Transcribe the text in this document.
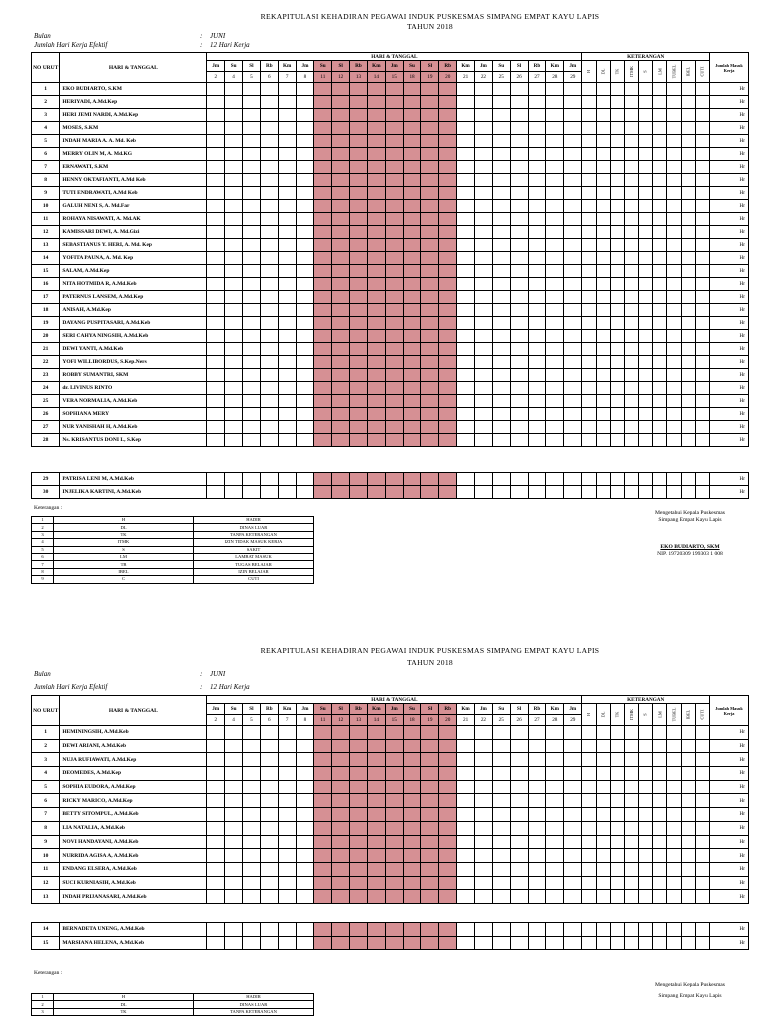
REKAPITULASI KEHADIRAN PEGAWAI INDUK PUSKESMAS SIMPANG EMPAT KAYU LAPIS
TAHUN 2018
Bulan	: JUNI
Jumlah Hari Kerja Efektif	: 12 Hari Kerja
NO URUT	HARI & TANGGAL	HARI & TANGGAL																					KETERANGAN									Jumlah Masuk Kerja
		Jm	Su	Sl	Rb	Km	Jm	Su	Sl	Rb	Km	Jm	Su	Sl	Rb	Km	Jm	Su	Sl	Rb	Km	Jm	H	DL	TK	ITMK	S	LM	TUBEL	IBEL	CUTI	
		2	4	5	6	7	8	11	12	13	14	15	18	19	20	21	22	25	26	27	28	29										
1	EKO BUDIARTO, S.KM																															Hr
2	HERIYADI, A.Md.Kep																															Hr
3	HERI JEMI NARDI, A.Md.Kep																															Hr
4	MOSES, S.KM																															Hr
5	INDAH MARIA A. A. Md. Keb																															Hr
6	MERRY OLIN M, A. Md.KG																															Hr
7	ERNAWATI, S.KM																															Hr
8	HENNY OKTAFIANTI, A.Md Keb																															Hr
9	TUTI ENDRAWATI, A.Md Keb																															Hr
10	GALUH NENI S, A. Md.Far																															Hr
11	ROHAYA NISAWATI, A. Md.AK																															Hr
12	KAMISSARI DEWI, A. Md.Gizi																															Hr
13	SEBASTIANUS Y. HERI, A. Md. Kep																															Hr
14	YOFITA PAUNA, A. Md. Kep																															Hr
15	SALAM, A.Md.Kep																															Hr
16	NITA HOTMIDA R, A.Md.Keb																															Hr
17	PATERNUS LANSEM, A.Md.Kep																															Hr
18	ANISAH, A.Md.Kep																															Hr
19	DAYANG PUSPITASARI, A.Md.Keb																															Hr
20	SERI CAHYA NINGSIH, A.Md.Keb																															Hr
21	DEWI YANTI, A.Md.Keb																															Hr
22	YOFI WILLIBORDUS, S.Kep.Ners																															Hr
23	ROBBY SUMANTRI, SKM																															Hr
24	dr. LIVINUS RINTO																															Hr
25	VERA NORMALIA, A.Md.Keb																															Hr
26	SOPHIANA MERY																															Hr
27	NUR YANISHAH H, A.Md.Keb																															Hr
28	Ns. KRISANTUS DONI L, S.Kep																															Hr

29	PATRISA LENI M, A.Md.Keb																															Hr
30	INJELIKA KARTINI, A.Md.Keb																															Hr
Keterangan :
1	H	HADIR
2	DL	DINAS LUAR
3	TK	TANPA KETERANGAN
4	ITMK	IZIN TIDAK MASUK KERJA
5	S	SAKIT
6	LM	LAMBAT MASUK
7	TB	TUGAS BELAJAR
8	IBEL	IZIN BELAJAR
9	C	CUTI
Mengetahui Kepala Puskesmas
Simpang Empat Kayu Lapis
EKO BUDIARTO, SKM
NIP. 19720309 199303 1 008
REKAPITULASI KEHADIRAN PEGAWAI INDUK PUSKESMAS SIMPANG EMPAT KAYU LAPIS
TAHUN 2018
Bulan	: JUNI
Jumlah Hari Kerja Efektif	: 12 Hari Kerja
NO URUT	HARI & TANGGAL	HARI & TANGGAL																					KETERANGAN									Jumlah Masuk Kerja
		Jm	Su	Sl	Rb	Km	Jm	Su	Sl	Rb	Km	Jm	Su	Sl	Rb	Km	Jm	Su	Sl	Rb	Km	Jm	H	DL	TK	ITMK	S	LM	TUBEL	IBEL	CUTI	
		2	4	5	6	7	8	11	12	13	14	15	18	19	20	21	22	25	26	27	28	29										
1	HEMININGSIH, A.Md.Keb																															Hr
2	DEWI ARIANI, A.Md.Keb																															Hr
3	NUJA RUFIAWATI, A.Md.Kep																															Hr
4	DEOMEDES, A.Md.Kep																															Hr
5	SOPHIA EUDORA, A.Md.Kep																															Hr
6	RICKY MARICO, A.Md.Kep																															Hr
7	BETTY SITOMPUL, A.Md.Keb																															Hr
8	LIA NATALIA, A.Md.Keb																															Hr
9	NOVI HANDAYANI, A.Md.Keb																															Hr
10	NURRIDA AGISA A, A.Md.Keb																															Hr
11	ENDANG ELSERA, A.Md.Keb																															Hr
12	SUCI KURNIASIH, A.Md.Keb																															Hr
13	INDAH PRIJANASARI, A.Md.Keb																															Hr

14	BERNADETA UNENG, A.Md.Keb																															Hr
15	MARSIANA HELENA, A.Md.Keb																															Hr
Keterangan :
1	H	HADIR
2	DL	DINAS LUAR
3	TK	TANPA KETERANGAN
Mengetahui Kepala Puskesmas
Simpang Empat Kayu Lapis
